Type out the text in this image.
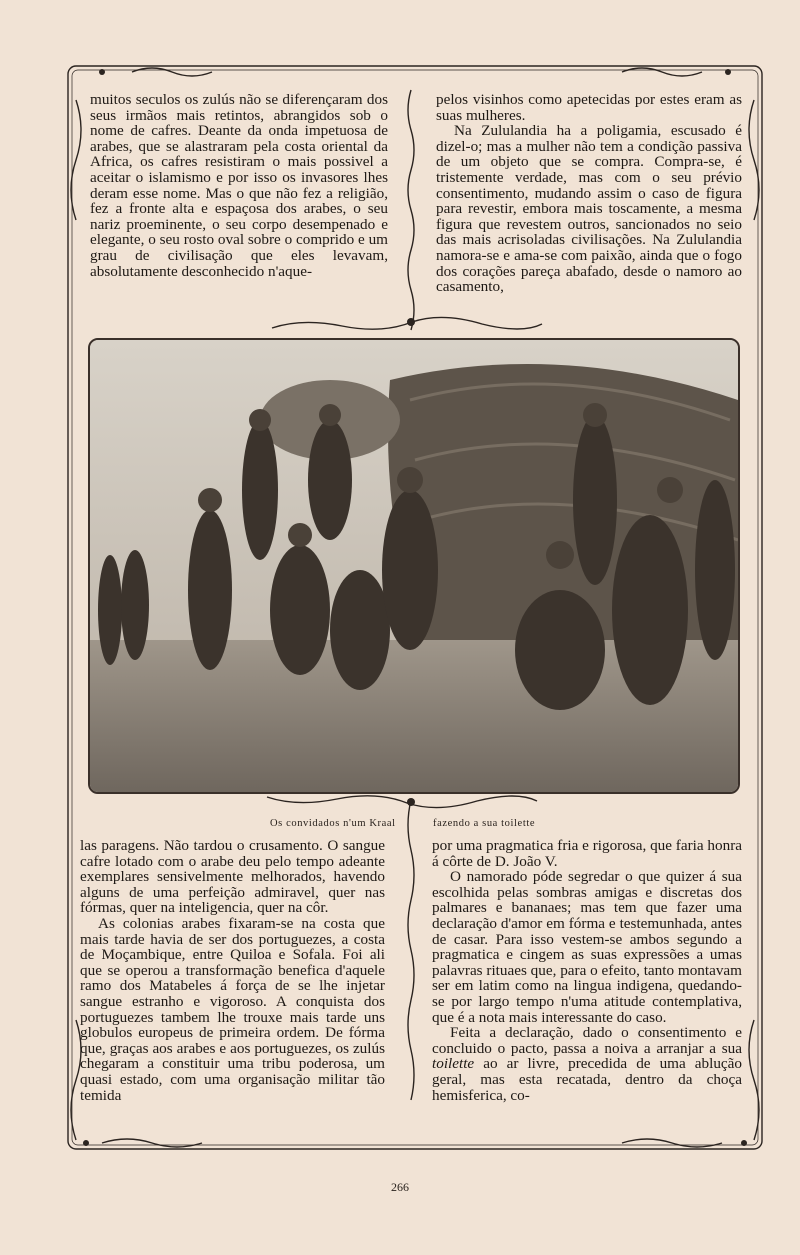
muitos seculos os zulús não se diferençaram dos seus irmãos mais retintos, abrangidos sob o nome de cafres. Deante da onda impetuosa de arabes, que se alastraram pela costa oriental da Africa, os cafres resistiram o mais possivel a aceitar o islamismo e por isso os invasores lhes deram esse nome. Mas o que não fez a religião, fez a fronte alta e espaçosa dos arabes, o seu nariz proeminente, o seu corpo desempenado e elegante, o seu rosto oval sobre o comprido e um grau de civilisação que eles levavam, absolutamente desconhecido n'aque-

pelos visinhos como apetecidas por estes eram as suas mulheres.

Na Zululandia ha a poligamia, escusado é dizel-o; mas a mulher não tem a condição passiva de um objeto que se compra. Compra-se, é tristemente verdade, mas com o seu prévio consentimento, mudando assim o caso de figura para revestir, embora mais toscamente, a mesma figura que revestem outros, sancionados no seio das mais acrisoladas civilisações. Na Zululandia namora-se e ama-se com paixão, ainda que o fogo dos corações pareça abafado, desde o namoro ao casamento,

Os convidados n'um Kraal	fazendo a sua toilette

las paragens. Não tardou o crusamento. O sangue cafre lotado com o arabe deu pelo tempo adeante exemplares sensivelmente melhorados, havendo alguns de uma perfeição admiravel, quer nas fórmas, quer na inteligencia, quer na côr.

As colonias arabes fixaram-se na costa que mais tarde havia de ser dos portuguezes, a costa de Moçambique, entre Quiloa e Sofala. Foi ali que se operou a transformação benefica d'aquele ramo dos Matabeles á força de se lhe injetar sangue estranho e vigoroso. A conquista dos portuguezes tambem lhe trouxe mais tarde uns globulos europeus de primeira ordem. De fórma que, graças aos arabes e aos portuguezes, os zulús chegaram a constituir uma tribu poderosa, um quasi estado, com uma organisação militar tão temida

por uma pragmatica fria e rigorosa, que faria honra á côrte de D. João V.

O namorado póde segredar o que quizer á sua escolhida pelas sombras amigas e discretas dos palmares e bananaes; mas tem que fazer uma declaração d'amor em fórma e testemunhada, antes de casar. Para isso vestem-se ambos segundo a pragmatica e cingem as suas expressões a umas palavras rituaes que, para o efeito, tanto montavam ser em latim como na lingua indigena, quedando-se por largo tempo n'uma atitude contemplativa, que é a nota mais interessante do caso.

Feita a declaração, dado o consentimento e concluido o pacto, passa a noiva a arranjar a sua toilette ao ar livre, precedida de uma ablução geral, mas esta recatada, dentro da choça hemisferica, co-

266
